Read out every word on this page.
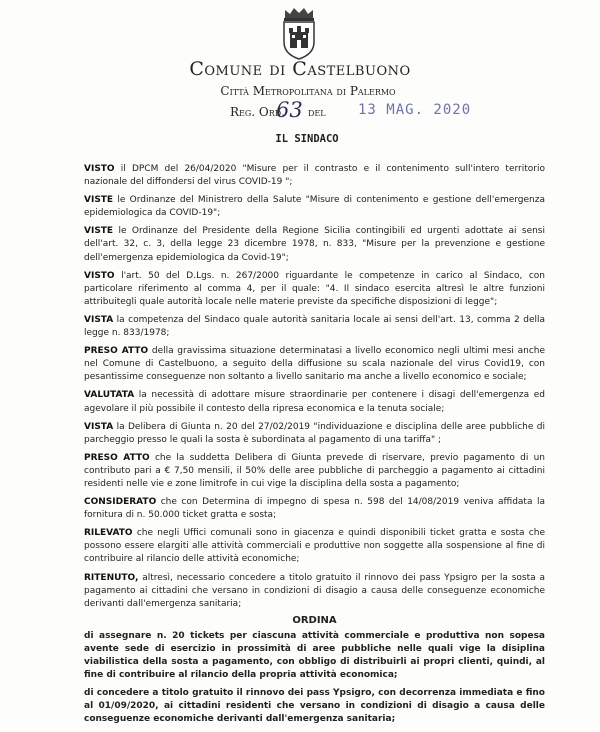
Comune di Castelbuono
Città Metropolitana di Palermo
Reg. Ord.
63 del 13 MAG. 2020
IL SINDACO

VISTO il DPCM del 26/04/2020 "Misure per il contrasto e il contenimento sull'intero territorio nazionale del diffondersi del virus COVID-19 ";

VISTE le Ordinanze del Ministrero della Salute "Misure di contenimento e gestione dell'emergenza epidemiologica da COVID-19";

VISTE le Ordinanze del Presidente della Regione Sicilia contingibili ed urgenti adottate ai sensi dell'art. 32, c. 3, della legge 23 dicembre 1978, n. 833, "Misure per la prevenzione e gestione dell'emergenza epidemiologica da Covid-19";

VISTO l'art. 50 del D.Lgs. n. 267/2000 riguardante le competenze in carico al Sindaco, con particolare riferimento al comma 4, per il quale: "4. Il sindaco esercita altresì le altre funzioni attribuitegli quale autorità locale nelle materie previste da specifiche disposizioni di legge";

VISTA la competenza del Sindaco quale autorità sanitaria locale ai sensi dell'art. 13, comma 2 della legge n. 833/1978;

PRESO ATTO della gravissima situazione determinatasi a livello economico negli ultimi mesi anche nel Comune di Castelbuono, a seguito della diffusione su scala nazionale del virus Covid19, con pesantissime conseguenze non soltanto a livello sanitario ma anche a livello economico e sociale;

VALUTATA la necessità di adottare misure straordinarie per contenere i disagi dell'emergenza ed agevolare il più possibile il contesto della ripresa economica e la tenuta sociale;

VISTA la Delibera di Giunta n. 20 del 27/02/2019 "individuazione e disciplina delle aree pubbliche di parcheggio presso le quali la sosta è subordinata al pagamento di una tariffa" ;

PRESO ATTO che la suddetta Delibera di Giunta prevede di riservare, previo pagamento di un contributo pari a € 7,50 mensili, il 50% delle aree pubbliche di parcheggio a pagamento ai cittadini residenti nelle vie e zone limitrofe in cui vige la disciplina della sosta a pagamento;

CONSIDERATO che con Determina di impegno di spesa n. 598 del 14/08/2019 veniva affidata la fornitura di n. 50.000 ticket gratta e sosta;

RILEVATO che negli Uffici comunali sono in giacenza e quindi disponibili ticket gratta e sosta che possono essere elargiti alle attività commerciali e produttive non soggette alla sospensione al fine di contribuire al rilancio delle attività economiche;

RITENUTO, altresì, necessario concedere a titolo gratuito il rinnovo dei pass Ypsigro per la sosta a pagamento ai cittadini che versano in condizioni di disagio a causa delle conseguenze economiche derivanti dall'emergenza sanitaria;

ORDINA

di assegnare n. 20 tickets per ciascuna attività commerciale e produttiva non sopesa avente sede di esercizio in prossimità di aree pubbliche nelle quali vige la disiplina viabilistica della sosta a pagamento, con obbligo di distribuirli ai propri clienti, quindi, al fine di contribuire al rilancio della propria attività economica;

di concedere a titolo gratuito il rinnovo dei pass Ypsigro, con decorrenza immediata e fino al 01/09/2020, ai cittadini residenti che versano in condizioni di disagio a causa delle conseguenze economiche derivanti dall'emergenza sanitaria;
